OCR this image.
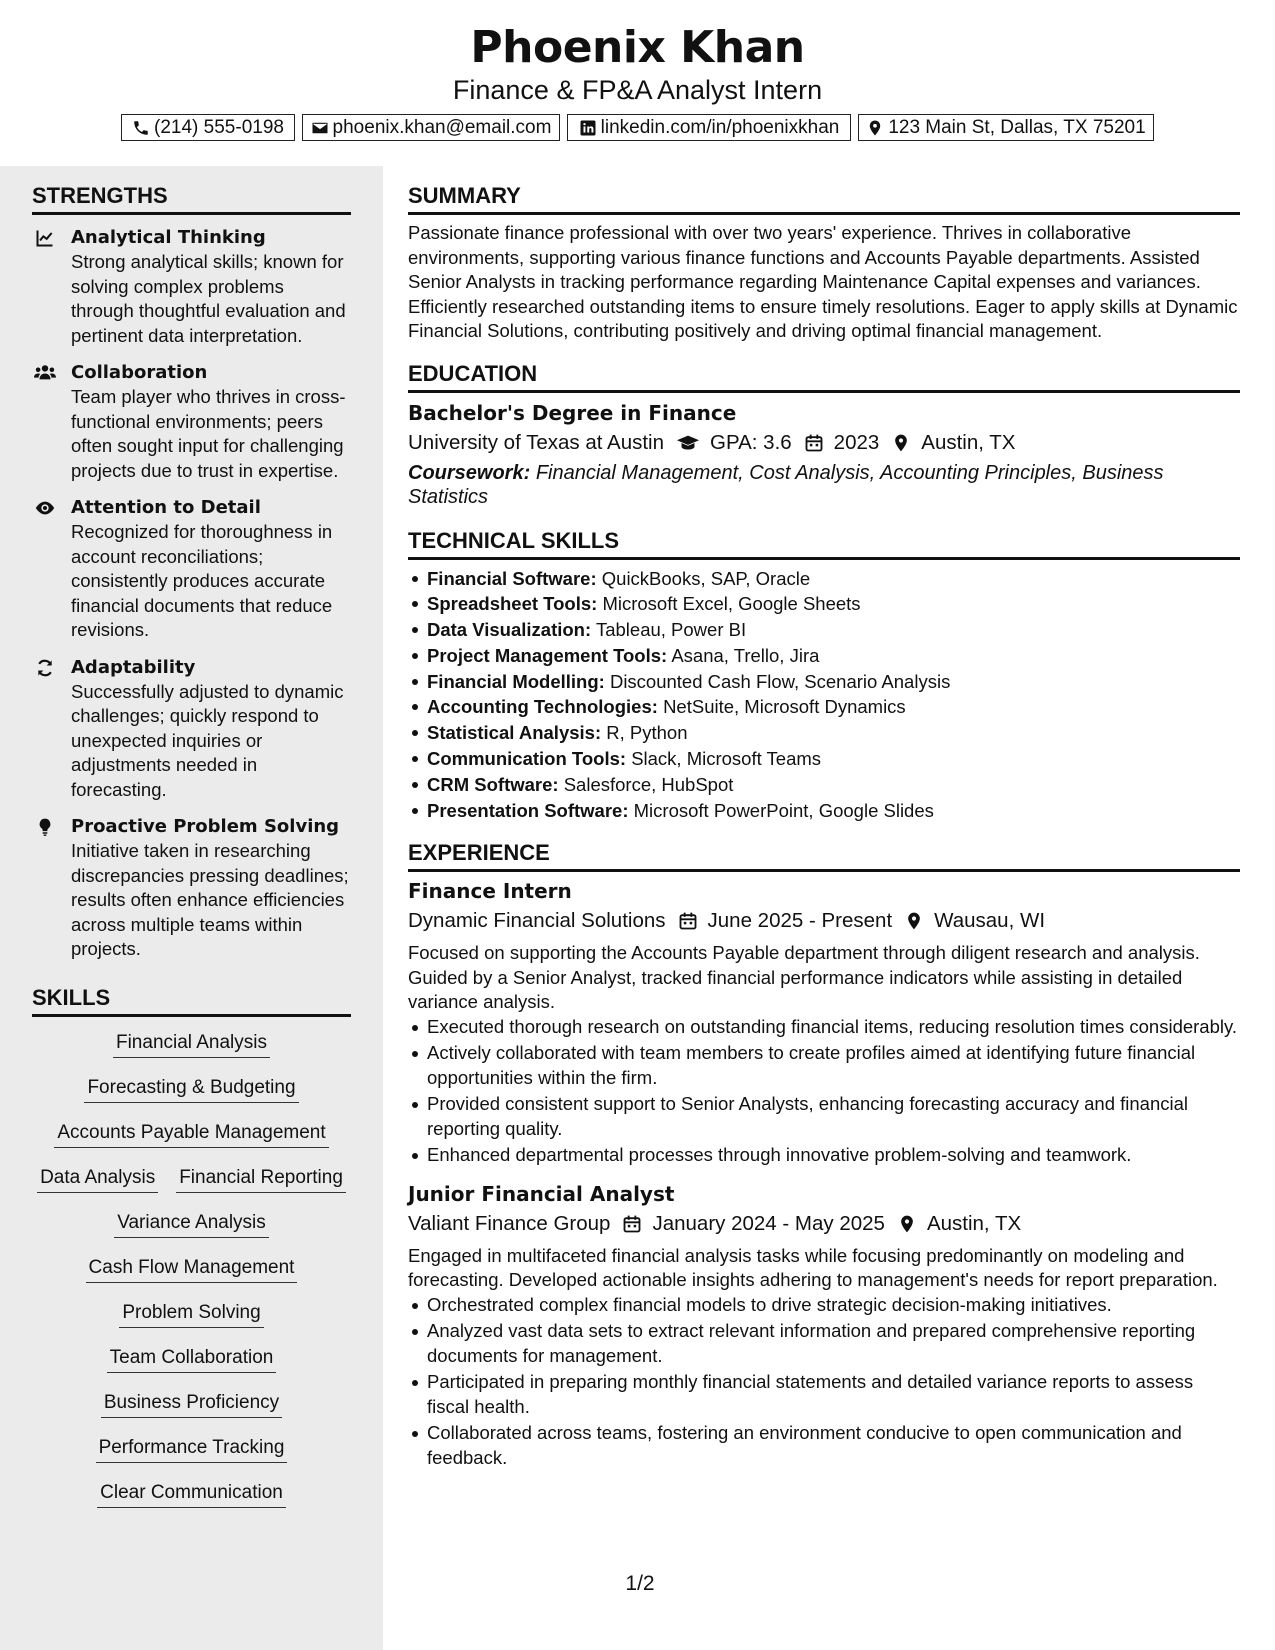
Phoenix Khan
Finance & FP&A Analyst Intern
(214) 555-0198	phoenix.khan@email.com	linkedin.com/in/phoenixkhan	123 Main St, Dallas, TX 75201
STRENGTHS
Analytical Thinking
Strong analytical skills; known for solving complex problems through thoughtful evaluation and pertinent data interpretation.
Collaboration
Team player who thrives in cross-functional environments; peers often sought input for challenging projects due to trust in expertise.
Attention to Detail
Recognized for thoroughness in account reconciliations; consistently produces accurate financial documents that reduce revisions.
Adaptability
Successfully adjusted to dynamic challenges; quickly respond to unexpected inquiries or adjustments needed in forecasting.
Proactive Problem Solving
Initiative taken in researching discrepancies pressing deadlines; results often enhance efficiencies across multiple teams within projects.
SKILLS
Financial Analysis
Forecasting & Budgeting
Accounts Payable Management
Data Analysis Financial Reporting
Variance Analysis
Cash Flow Management
Problem Solving
Team Collaboration
Business Proficiency
Performance Tracking
Clear Communication
SUMMARY
Passionate finance professional with over two years' experience. Thrives in collaborative environments, supporting various finance functions and Accounts Payable departments. Assisted Senior Analysts in tracking performance regarding Maintenance Capital expenses and variances. Efficiently researched outstanding items to ensure timely resolutions. Eager to apply skills at Dynamic Financial Solutions, contributing positively and driving optimal financial management.
EDUCATION
Bachelor's Degree in Finance
University of Texas at Austin GPA: 3.6 2023 Austin, TX
Coursework: Financial Management, Cost Analysis, Accounting Principles, Business Statistics
TECHNICAL SKILLS
Financial Software: QuickBooks, SAP, Oracle
Spreadsheet Tools: Microsoft Excel, Google Sheets
Data Visualization: Tableau, Power BI
Project Management Tools: Asana, Trello, Jira
Financial Modelling: Discounted Cash Flow, Scenario Analysis
Accounting Technologies: NetSuite, Microsoft Dynamics
Statistical Analysis: R, Python
Communication Tools: Slack, Microsoft Teams
CRM Software: Salesforce, HubSpot
Presentation Software: Microsoft PowerPoint, Google Slides
EXPERIENCE
Finance Intern
Dynamic Financial Solutions June 2025 - Present Wausau, WI
Focused on supporting the Accounts Payable department through diligent research and analysis. Guided by a Senior Analyst, tracked financial performance indicators while assisting in detailed variance analysis.
Executed thorough research on outstanding financial items, reducing resolution times considerably.
Actively collaborated with team members to create profiles aimed at identifying future financial opportunities within the firm.
Provided consistent support to Senior Analysts, enhancing forecasting accuracy and financial reporting quality.
Enhanced departmental processes through innovative problem-solving and teamwork.
Junior Financial Analyst
Valiant Finance Group January 2024 - May 2025 Austin, TX
Engaged in multifaceted financial analysis tasks while focusing predominantly on modeling and forecasting. Developed actionable insights adhering to management's needs for report preparation.
Orchestrated complex financial models to drive strategic decision-making initiatives.
Analyzed vast data sets to extract relevant information and prepared comprehensive reporting documents for management.
Participated in preparing monthly financial statements and detailed variance reports to assess fiscal health.
Collaborated across teams, fostering an environment conducive to open communication and feedback.
1/2
